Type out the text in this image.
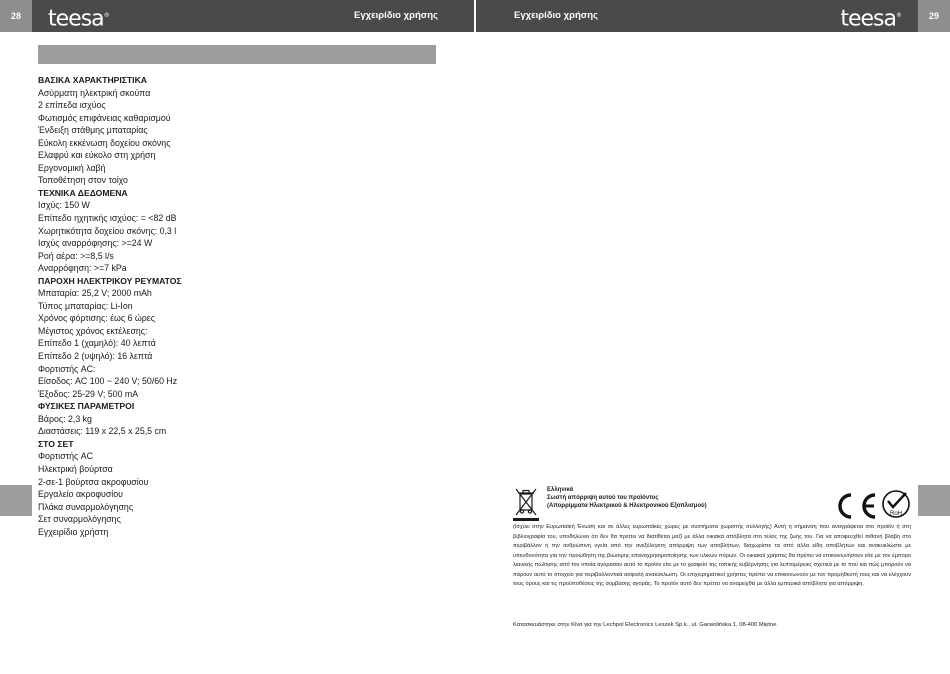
28	teesa®	Εγχειρίδιο χρήσης	Εγχειρίδιο χρήσης	teesa®	29
ΒΑΣΙΚΑ ΧΑΡΑΚΤΗΡΙΣΤΙΚΑ
Ασύρματη ηλεκτρική σκούπα
2 επίπεδα ισχύος
Φωτισμός επιφάνειας καθαρισμού
Ένδειξη στάθμης μπαταρίας
Εύκολη εκκένωση δοχείου σκόνης
Ελαφρύ και εύκολο στη χρήση
Εργονομική λαβή
Τοποθέτηση στον τοίχο
ΤΕΧΝΙΚΑ ΔΕΔΟΜΕΝΑ
Ισχύς: 150 W
Επίπεδο ηχητικής ισχύος: = <82 dB
Χωρητικότητα δοχείου σκόνης: 0,3 l
Ισχύς αναρρόφησης: >=24 W
Ροή αέρα: >=8,5 l/s
Αναρρόφηση: >=7 kPa
ΠΑΡΟΧΗ ΗΛΕΚΤΡΙΚΟΥ ΡΕΥΜΑΤΟΣ
Μπαταρία: 25,2 V; 2000 mAh
Τύπος μπαταρίας: Li-Ion
Χρόνος φόρτισης: έως 6 ώρες
Μέγιστος χρόνος εκτέλεσης:
Επίπεδο 1 (χαμηλό): 40 λεπτά
Επίπεδο 2 (υψηλό): 16 λεπτά
Φορτιστής AC:
Είσοδος: AC 100 ~ 240 V; 50/60 Hz
Έξοδος: 25-29 V; 500 mA
ΦΥΣΙΚΕΣ ΠΑΡΑΜΕΤΡΟΙ
Βάρος: 2,3 kg
Διαστάσεις: 119 x 22,5 x 25,5 cm
ΣΤΟ ΣΕΤ
Φορτιστής AC
Ηλεκτρική βούρτσα
2-σε-1 βούρτσα ακροφυσίου
Εργαλείο ακροφυσίου
Πλάκα συναρμολόγησης
Σετ συναρμολόγησης
Εγχειρίδιο χρήστη
Ελληνικά
Σωστή απόρριψη αυτού του προϊόντος
(Απορρίμματα Ηλεκτρικού & Ηλεκτρονικού Εξοπλισμού)
RoH

(Ισχύει στην Ευρωπαϊκή Ένωση και σε άλλες ευρωπαϊκές χώρες με συστήματα χωριστής συλλογής) Αυτή η σήμανση που αναγράφεται στο προϊόν ή στη βιβλιογραφία του, υποδηλώνει ότι δεν θα πρέπει να διατίθεται μαζί με άλλα οικιακά απόβλητα στο τέλος της ζωής του. Για να αποφευχθεί πιθανή βλάβη στο περιβάλλον ή την ανθρώπινη υγεία από την ανεξέλεγκτη απόρριψη των αποβλήτων, διαχωρίστε τα από άλλα είδη αποβλήτων και ανακυκλώστε με υπευθυνότητα για την προώθηση της βιώσιμης επαναχρησιμοποίησης των υλικών πόρων. Οι οικιακοί χρήστες θα πρέπει να επικοινωνήσουν είτε με τον έμπορο λιανικής πώλησης από τον οποία αγόρασαν αυτό το προϊόν είτε με το γραφείο της τοπικής κυβέρνησης για λεπτομέρειες σχετικά με το πού και πώς μπορούν να πάρουν αυτό το στοιχείο για περιβαλλοντικά ασφαλή ανακύκλωση. Οι επιχειρηματικοί χρήστες πρέπει να επικοινωνούν με τον προμηθευτή τους και να ελέγχουν τους όρους και τις προϋποθέσεις της σύμβασης αγοράς. Το προϊόν αυτό δεν πρέπει να αναμειχθεί με άλλα εμπορικά απόβλητα για απόρριψη.

Κατασκευάστηκε στην Κίνα για την Lechpol Electronics Leszek Sp.k., ul. Garwolińska 1, 08-400 Miętne.
